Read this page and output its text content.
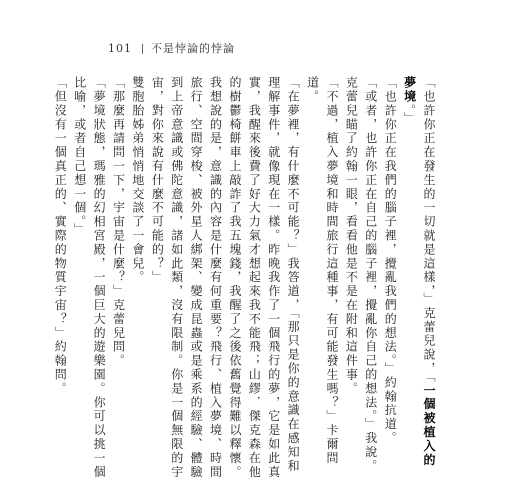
101 不是悖論的悖論

「也許你正在發生的一切就是這樣，」克蕾兒說，「一個被植入的夢境。」

「也許你正在我們的腦子裡，攪亂我們的想法。」約翰抗道。

「或者，也許你正在自己的腦子裡，攪亂你自己的想法。」我說。

克蕾兒瞄了約翰一眼，看看他是不是在附和這件事。

「不過，植入夢境和時間旅行這種事，有可能發生嗎？」卡爾問道。

「在夢裡，有什麼不可能？」我答道，「那只是你的意識在感知和理解事件，就像現在一樣。昨晚我作了一個飛行的夢，它是如此真實，我醒來後費了好大力氣才想起來我不能飛；山繆．傑克森在他的樹鬱椅餅車上敲詐了我五塊錢，我醒了之後依舊覺得難以釋懷。我想說的是，意識的內容是什麼有何重要？飛行、植入夢境、時間旅行、空間穿梭、被外星人綁架、變成昆蟲或是乘系的經驗、體驗到上帝意識或佛陀意識，諸如此類，沒有限制。你是一個無限的宇宙，對你來說有什麼不可能的？」

雙胞胎姊弟悄悄地交談了一會兒。

「那麼再請問一下，宇宙是什麼？」克蕾兒問。

「夢境狀態，瑪雅的幻相宮殿，一個巨大的遊樂園。你可以挑一個比喻，或者自己想一個。」

「但沒有一個真正的、實際的物質宇宙？」約翰問。
